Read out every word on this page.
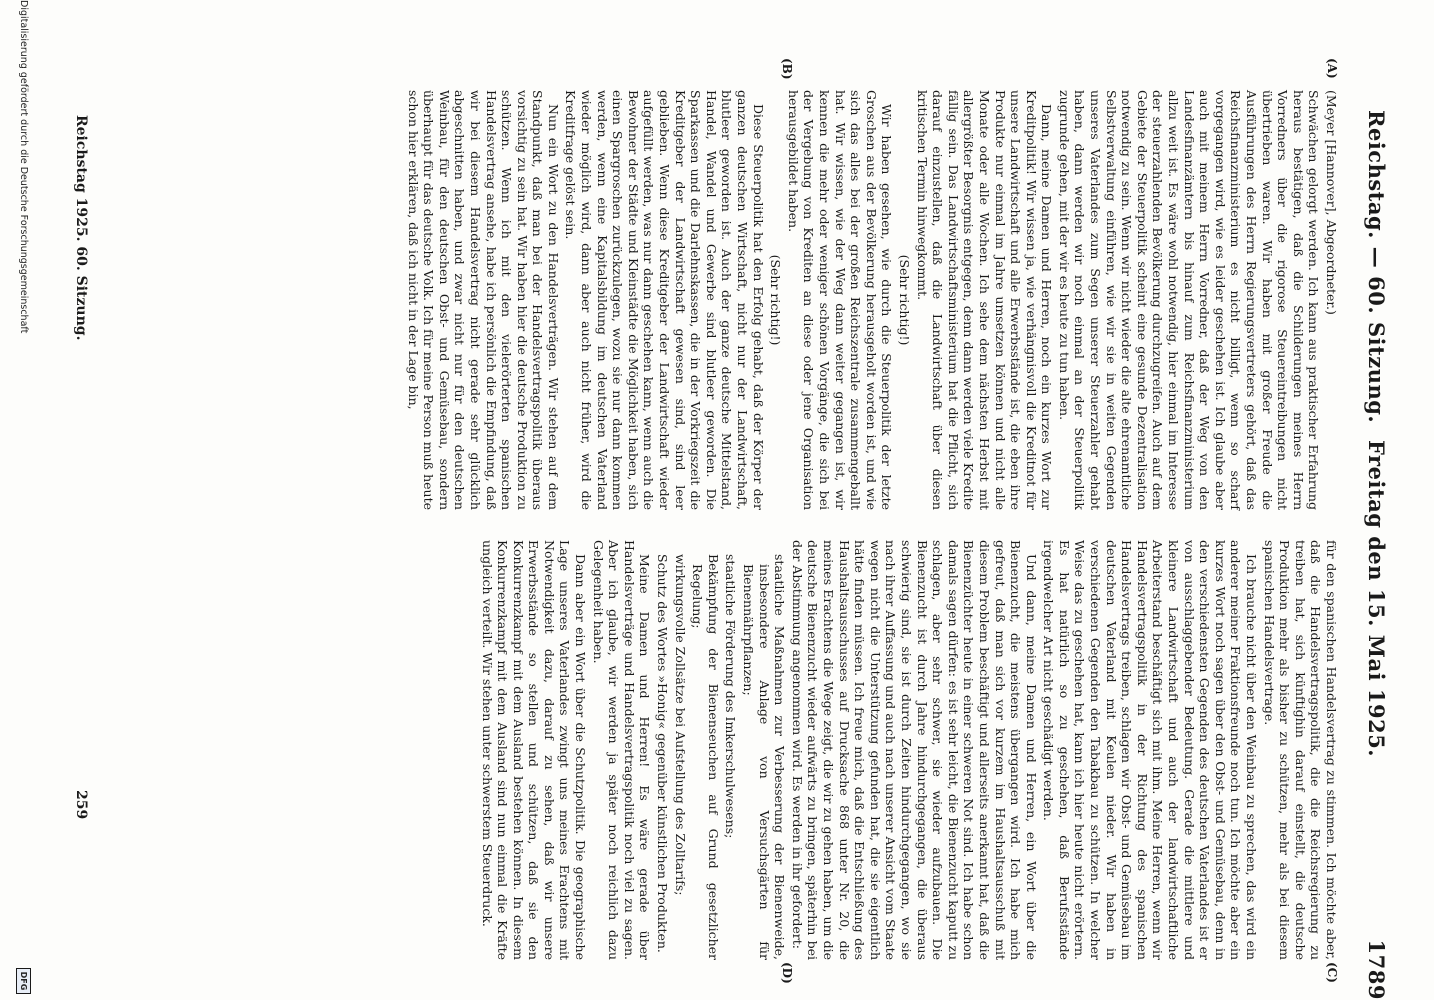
Reichstag. — 60. Sitzung.
Freitag den 15. Mai 1925.
1789
(A)
(B)
(C)
(D)

(Meyer [Hannover], Abgeordneter.)

Schwächen gelorgt werden. Ich kann aus praktischer Erfahrung heraus bestätigen, daß die Schilderungen meines Herrn Vorredners über die rigorose Steuereintreibungen nicht übertrieben waren. Wir haben mit großer Freude die Ausführungen des Herrn Regierungsvertreters gehört, daß das Reichsfinanzministerium es nicht billigt, wenn so scharf vorgegangen wird, wie es leider geschehen ist. Ich glaube aber auch mit meinem Herrn Vorredner, daß der Weg von den Landesfinanzämtern bis hinauf zum Reichsfinanzministerium allzu weit ist. Es wäre wohl notwendig, hier einmal im Interesse der steuerzahlenden Bevölkerung durchzugreifen. Auch auf dem Gebiete der Steuerpolitik scheint eine gesunde Dezentralisation notwendig zu sein. Wenn wir nicht wieder die alte ehrenamtliche Selbstverwaltung einführen, wie wir sie in weiten Gegenden unseres Vaterlandes zum Segen unserer Steuerzahler gehabt haben, dann werden wir noch einmal an der Steuerpolitik zugrunde gehen, mit der wir es heute zu tun haben.

Dann, meine Damen und Herren, noch ein kurzes Wort zur Kreditpolitik! Wir wissen ja, wie verhängnisvoll die Kreditnot für unsere Landwirtschaft und alle Erwerbsstände ist, die eben ihre Produkte nur einmal im Jahre umsetzen können und nicht alle Monate oder alle Wochen. Ich sehe dem nächsten Herbst mit allergrößter Besorgnis entgegen, denn dann werden viele Kredite fällig sein. Das Landwirtschaftsministerium hat die Pflicht, sich darauf einzustellen, daß die Landwirtschaft über diesen kritischen Termin hinwegkommt.

(Sehr richtig!)

Wir haben gesehen, wie durch die Steuerpolitik der letzte Groschen aus der Bevölkerung herausgeholt worden ist, und wie sich das alles bei der großen Reichszentrale zusammengeballt hat. Wir wissen, wie der Weg dann weiter gegangen ist, wir kennen die mehr oder weniger schönen Vorgänge, die sich bei der Vergebung von Krediten an diese oder jene Organisation herausgebildet haben.

(Sehr richtig!)

Diese Steuerpolitik hat den Erfolg gehabt, daß der Körper der ganzen deutschen Wirtschaft, nicht nur der Landwirtschaft, blutleer geworden ist. Auch der ganze deutsche Mittelstand, Handel, Wandel und Gewerbe sind blutleer geworden. Die Sparkassen und die Darlehnskassen, die in der Vorkriegszeit die Kreditgeber der Landwirtschaft gewesen sind, sind leer geblieben. Wenn diese Kreditgeber der Landwirtschaft wieder aufgefüllt werden, was nur dann geschehen kann, wenn auch die Bewohner der Städte und Kleinstädte die Möglichkeit haben, sich einen Spargroschen zurückzulegen, wozu sie nur dann kommen werden, wenn eine Kapitalsbildung im deutschen Vaterland wieder möglich wird, dann aber auch nicht früher, wird die Kreditfrage gelöst sein.

Nun ein Wort zu den Handelsverträgen. Wir stehen auf dem Standpunkt, daß man bei der Handelsvertragspolitik überaus vorsichtig zu sein hat. Wir haben hier die deutsche Produktion zu schützen. Wenn ich mit den vielerörterten spanischen Handelsvertrag ansehe, habe ich persönlich die Empfindung, daß wir bei diesem Handelsvertrag nicht gerade sehr glücklich abgeschnitten haben, und zwar nicht nur für den deutschen Weinbau, für den deutschen Obst- und Gemüsebau, sondern überhaupt für das deutsche Volk. Ich für meine Person muß heute schon hier erklären, daß ich nicht in der Lage bin,

für den spanischen Handelsvertrag zu stimmen. Ich möchte aber, daß die Handelsvertragspolitik, die die Reichsregierung zu treiben hat, sich künftighin darauf einstellt, die deutsche Produktion mehr als bisher zu schützen, mehr als bei diesem spanischen Handelsvertrage.

Ich brauche nicht über den Weinbau zu sprechen, das wird ein anderer meiner Fraktionsfreunde noch tun. Ich möchte aber ein kurzes Wort noch sagen über den Obst- und Gemüsebau, denn in den verschiedensten Gegenden des deutschen Vaterlandes ist er von ausschlaggebender Bedeutung. Gerade die mittlere und kleinere Landwirtschaft und auch der landwirtschaftliche Arbeiterstand beschäftigt sich mit ihm. Meine Herren, wenn wir Handelsvertragspolitik in der Richtung des spanischen Handelsvertrags treiben, schlagen wir Obst- und Gemüsebau im deutschen Vaterland mit Keulen nieder. Wir haben in verschiedenen Gegenden den Tabakbau zu schützen. In welcher Weise das zu geschehen hat, kann ich hier heute nicht erörtern. Es hat natürlich so zu geschehen, daß Berufsstände irgendwelcher Art nicht geschädigt werden.

Und dann, meine Damen und Herren, ein Wort über die Bienenzucht, die meistens übergangen wird. Ich habe mich gefreut, daß man sich vor kurzem im Haushaltsausschuß mit diesem Problem beschäftigt und allerseits anerkannt hat, daß die Bienenzüchter heute in einer schweren Not sind. Ich habe schon damals sagen dürfen: es ist sehr leicht, die Bienenzucht kaputt zu schlagen, aber sehr schwer, sie wieder aufzubauen. Die Bienenzucht ist durch Jahre hindurchgegangen, die überaus schwierig sind, sie ist durch Zeiten hindurchgegangen, wo sie nach ihrer Auffassung und auch nach unserer Ansicht vom Staate wegen nicht die Unterstützung gefunden hat, die sie eigentlich hätte finden müssen. Ich freue mich, daß die Entschließung des Haushaltsausschusses auf Drucksache 868 unter Nr. 20, die meines Erachtens die Wege zeigt, die wir zu gehen haben, um die deutsche Bienenzucht wieder aufwärts zu bringen, späterhin bei der Abstimmung angenommen wird. Es werden in ihr gefordert:

staatliche Maßnahmen zur Verbesserung der Bienenweide, insbesondere Anlage von Versuchsgärten für Bienennährpflanzen;

staatliche Förderung des Imkerschulwesens;

Bekämpfung der Bienenseuchen auf Grund gesetzlicher Regelung;

wirkungsvolle Zollsätze bei Aufstellung des Zolltarifs;

Schutz des Wortes »Honig« gegenüber künstlichen Produkten.

Meine Damen und Herren! Es wäre gerade über Handelsverträge und Handelsvertragspolitik noch viel zu sagen. Aber ich glaube, wir werden ja später noch reichlich dazu Gelegenheit haben.

Dann aber ein Wort über die Schutzpolitik. Die geographische Lage unseres Vaterlandes zwingt uns meines Erachtens mit Notwendigkeit dazu, darauf zu sehen, daß wir unsere Erwerbsstände so stellen und schützen, daß sie den Konkurrenzkampf mit dem Ausland bestehen können. In diesem Konkurrenzkampf mit dem Ausland sind nun einmal die Kräfte ungleich verteilt. Wir stehen unter schwerstem Steuerdruck.

Reichstag 1925. 60. Sitzung.
259
Digitalisierung gefördert durch die Deutsche Forschungsgemeinschaft
DFG
